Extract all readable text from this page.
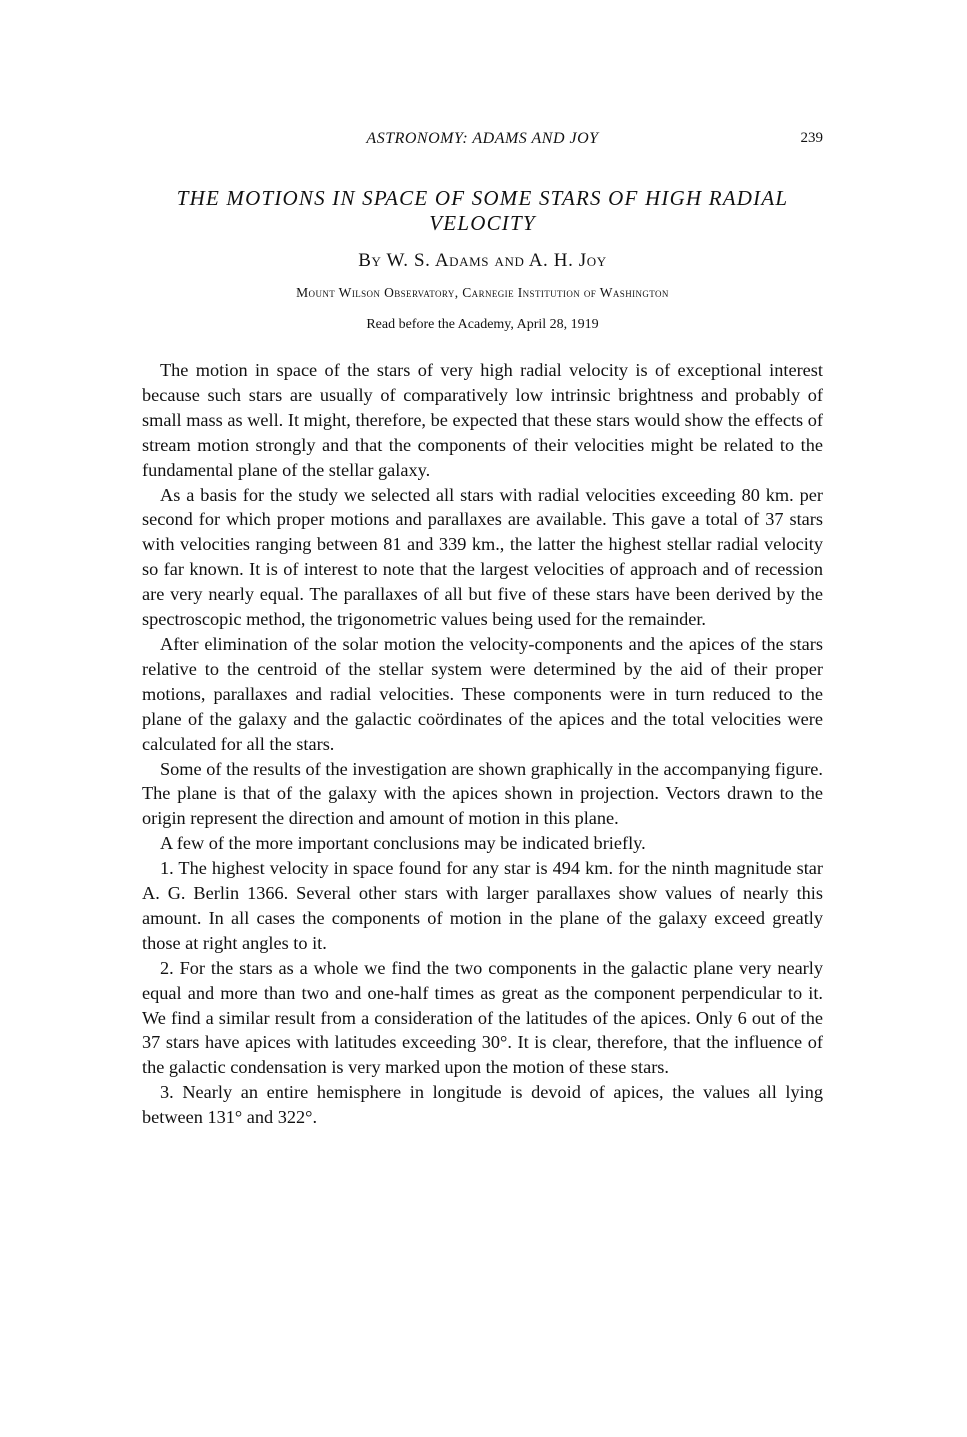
ASTRONOMY: ADAMS AND JOY	239
THE MOTIONS IN SPACE OF SOME STARS OF HIGH RADIAL VELOCITY
By W. S. Adams and A. H. Joy
Mount Wilson Observatory, Carnegie Institution of Washington
Read before the Academy, April 28, 1919

The motion in space of the stars of very high radial velocity is of exceptional interest because such stars are usually of comparatively low intrinsic brightness and probably of small mass as well. It might, therefore, be expected that these stars would show the effects of stream motion strongly and that the components of their velocities might be related to the fundamental plane of the stellar galaxy.

As a basis for the study we selected all stars with radial velocities exceeding 80 km. per second for which proper motions and parallaxes are available. This gave a total of 37 stars with velocities ranging between 81 and 339 km., the latter the highest stellar radial velocity so far known. It is of interest to note that the largest velocities of approach and of recession are very nearly equal. The parallaxes of all but five of these stars have been derived by the spectroscopic method, the trigonometric values being used for the remainder.

After elimination of the solar motion the velocity-components and the apices of the stars relative to the centroid of the stellar system were determined by the aid of their proper motions, parallaxes and radial velocities. These components were in turn reduced to the plane of the galaxy and the galactic coördinates of the apices and the total velocities were calculated for all the stars.

Some of the results of the investigation are shown graphically in the accompanying figure. The plane is that of the galaxy with the apices shown in projection. Vectors drawn to the origin represent the direction and amount of motion in this plane.

A few of the more important conclusions may be indicated briefly.

1. The highest velocity in space found for any star is 494 km. for the ninth magnitude star A. G. Berlin 1366. Several other stars with larger parallaxes show values of nearly this amount. In all cases the components of motion in the plane of the galaxy exceed greatly those at right angles to it.

2. For the stars as a whole we find the two components in the galactic plane very nearly equal and more than two and one-half times as great as the component perpendicular to it. We find a similar result from a consideration of the latitudes of the apices. Only 6 out of the 37 stars have apices with latitudes exceeding 30°. It is clear, therefore, that the influence of the galactic condensation is very marked upon the motion of these stars.

3. Nearly an entire hemisphere in longitude is devoid of apices, the values all lying between 131° and 322°.
